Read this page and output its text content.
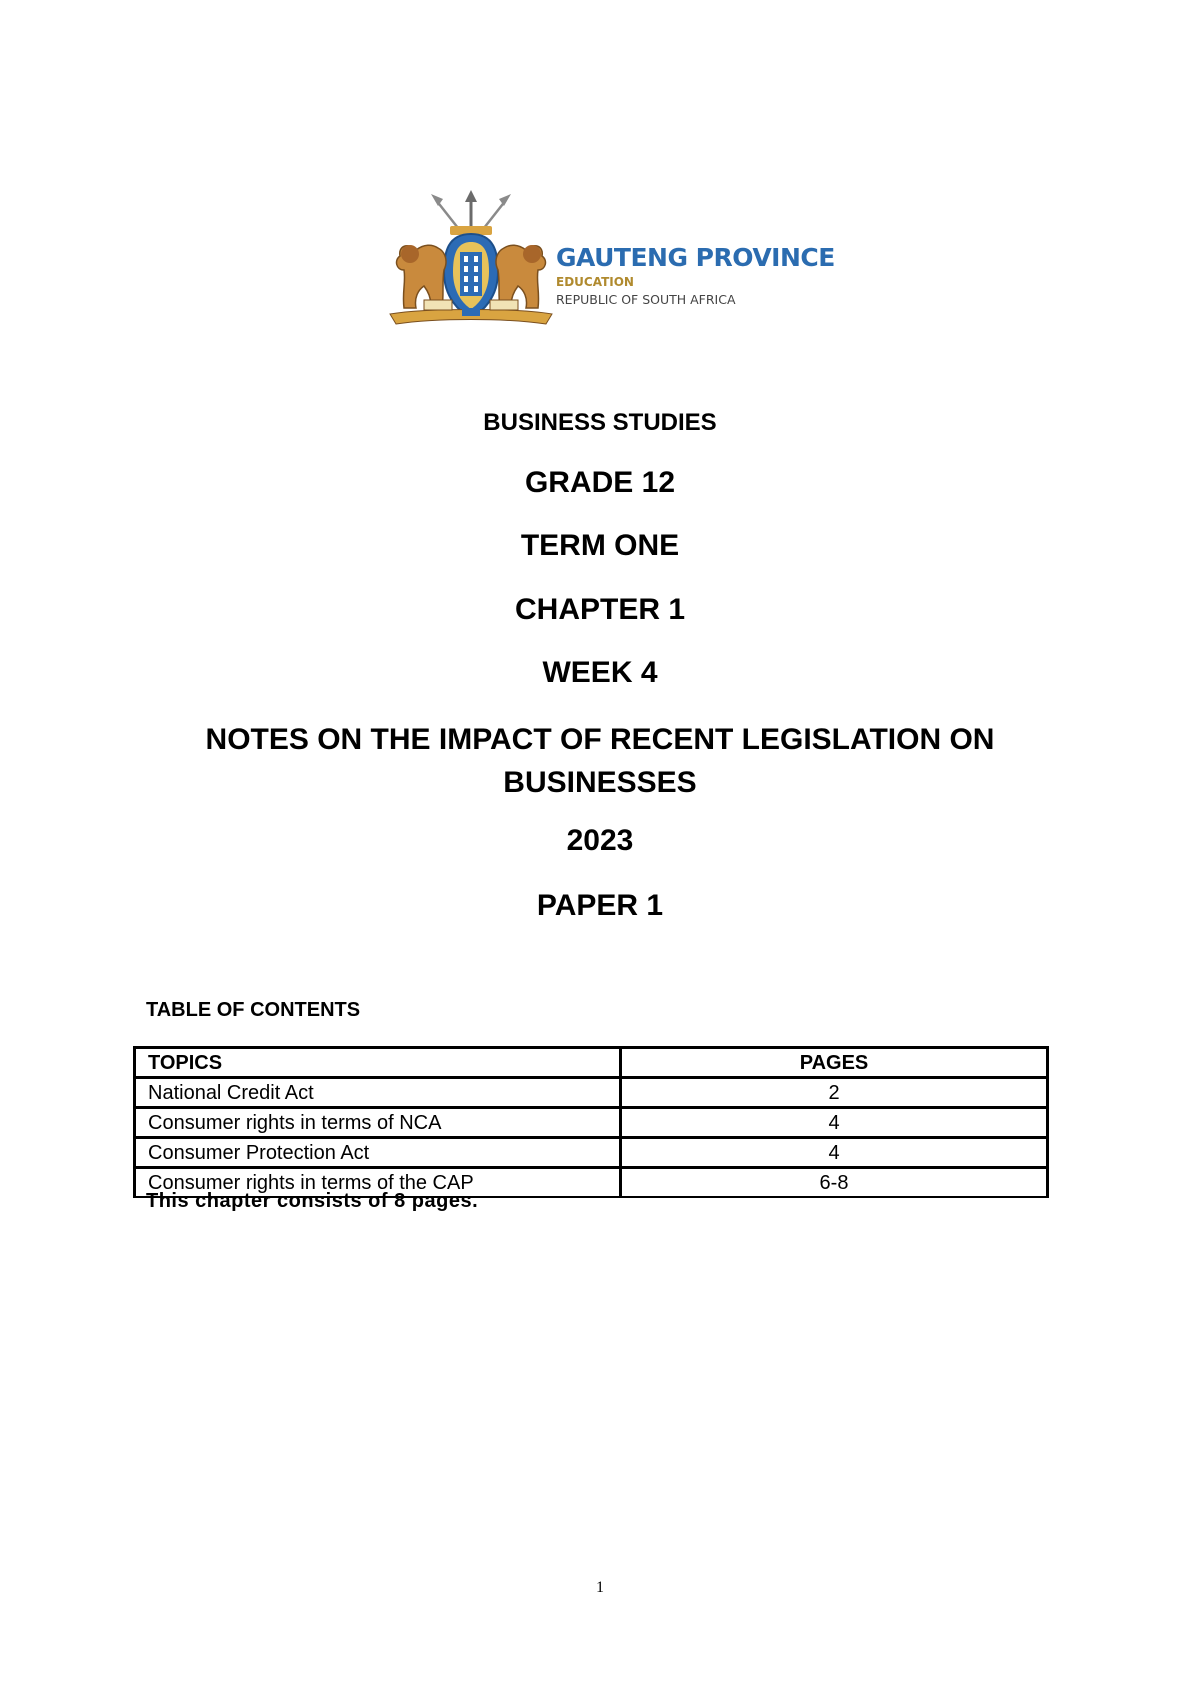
GAUTENG PROVINCE
EDUCATION
REPUBLIC OF SOUTH AFRICA
BUSINESS STUDIES
GRADE 12
TERM ONE
CHAPTER 1
WEEK 4
NOTES ON THE IMPACT OF RECENT LEGISLATION ON
BUSINESSES
2023
PAPER 1
TABLE OF CONTENTS
TOPICS	PAGES
National Credit Act	2
Consumer rights in terms of NCA	4
Consumer Protection Act	4
Consumer rights in terms of the CAP	6-8
This chapter consists of 8 pages.
1
